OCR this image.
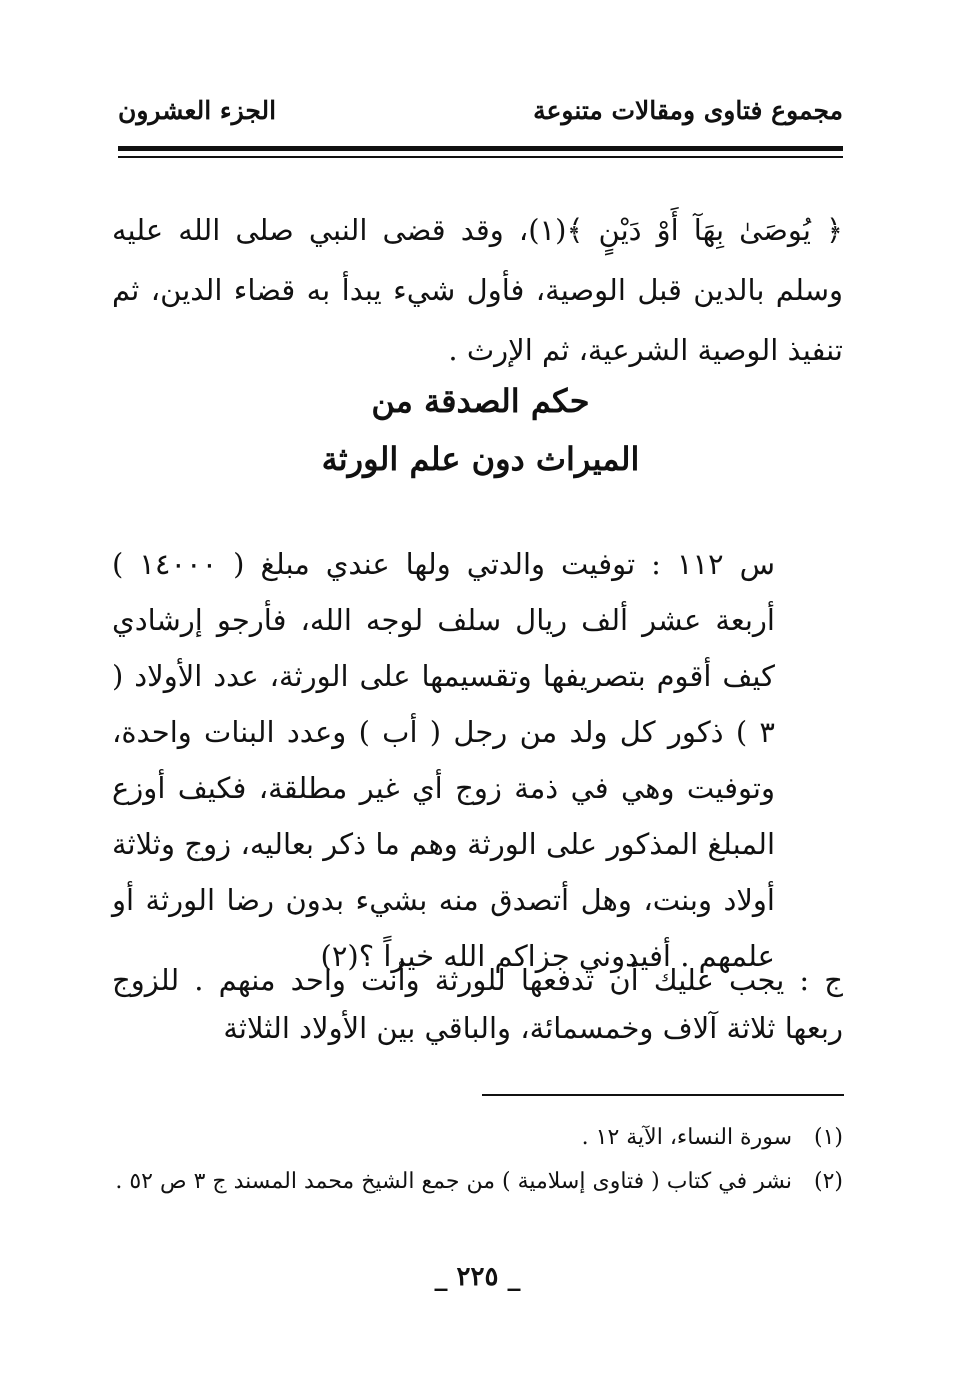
مجموع فتاوى ومقالات متنوعة
الجزء العشرون
﴿ يُوصَىٰ بِهَآ أَوْ دَيْنٍ ﴾(١)، وقد قضى النبي صلى الله عليه وسلم بالدين قبل الوصية، فأول شيء يبدأ به قضاء الدين، ثم تنفيذ الوصية الشرعية، ثم الإرث .
حكم الصدقة من
الميراث دون علم الورثة
س ١١٢ : توفيت والدتي ولها عندي مبلغ ( ١٤٠٠٠ ) أربعة عشر ألف ريال سلف لوجه الله، فأرجو إرشادي كيف أقوم بتصريفها وتقسيمها على الورثة، عدد الأولاد ( ٣ ) ذكور كل ولد من رجل ( أب ) وعدد البنات واحدة، وتوفيت وهي في ذمة زوج أي غير مطلقة، فكيف أوزع المبلغ المذكور على الورثة وهم ما ذكر بعاليه، زوج وثلاثة أولاد وبنت، وهل أتصدق منه بشيء بدون رضا الورثة أو علمهم . أفيدوني جزاكم الله خيراً ؟(٢)
ج : يجب عليك أن تدفعها للورثة وأنت واحد منهم . للزوج ربعها ثلاثة آلاف وخمسمائة، والباقي بين الأولاد الثلاثة
(١) سورة النساء، الآية ١٢ .
(٢) نشر في كتاب ( فتاوى إسلامية ) من جمع الشيخ محمد المسند ج ٣ ص ٥٢ .
_ ٢٢٥ _
